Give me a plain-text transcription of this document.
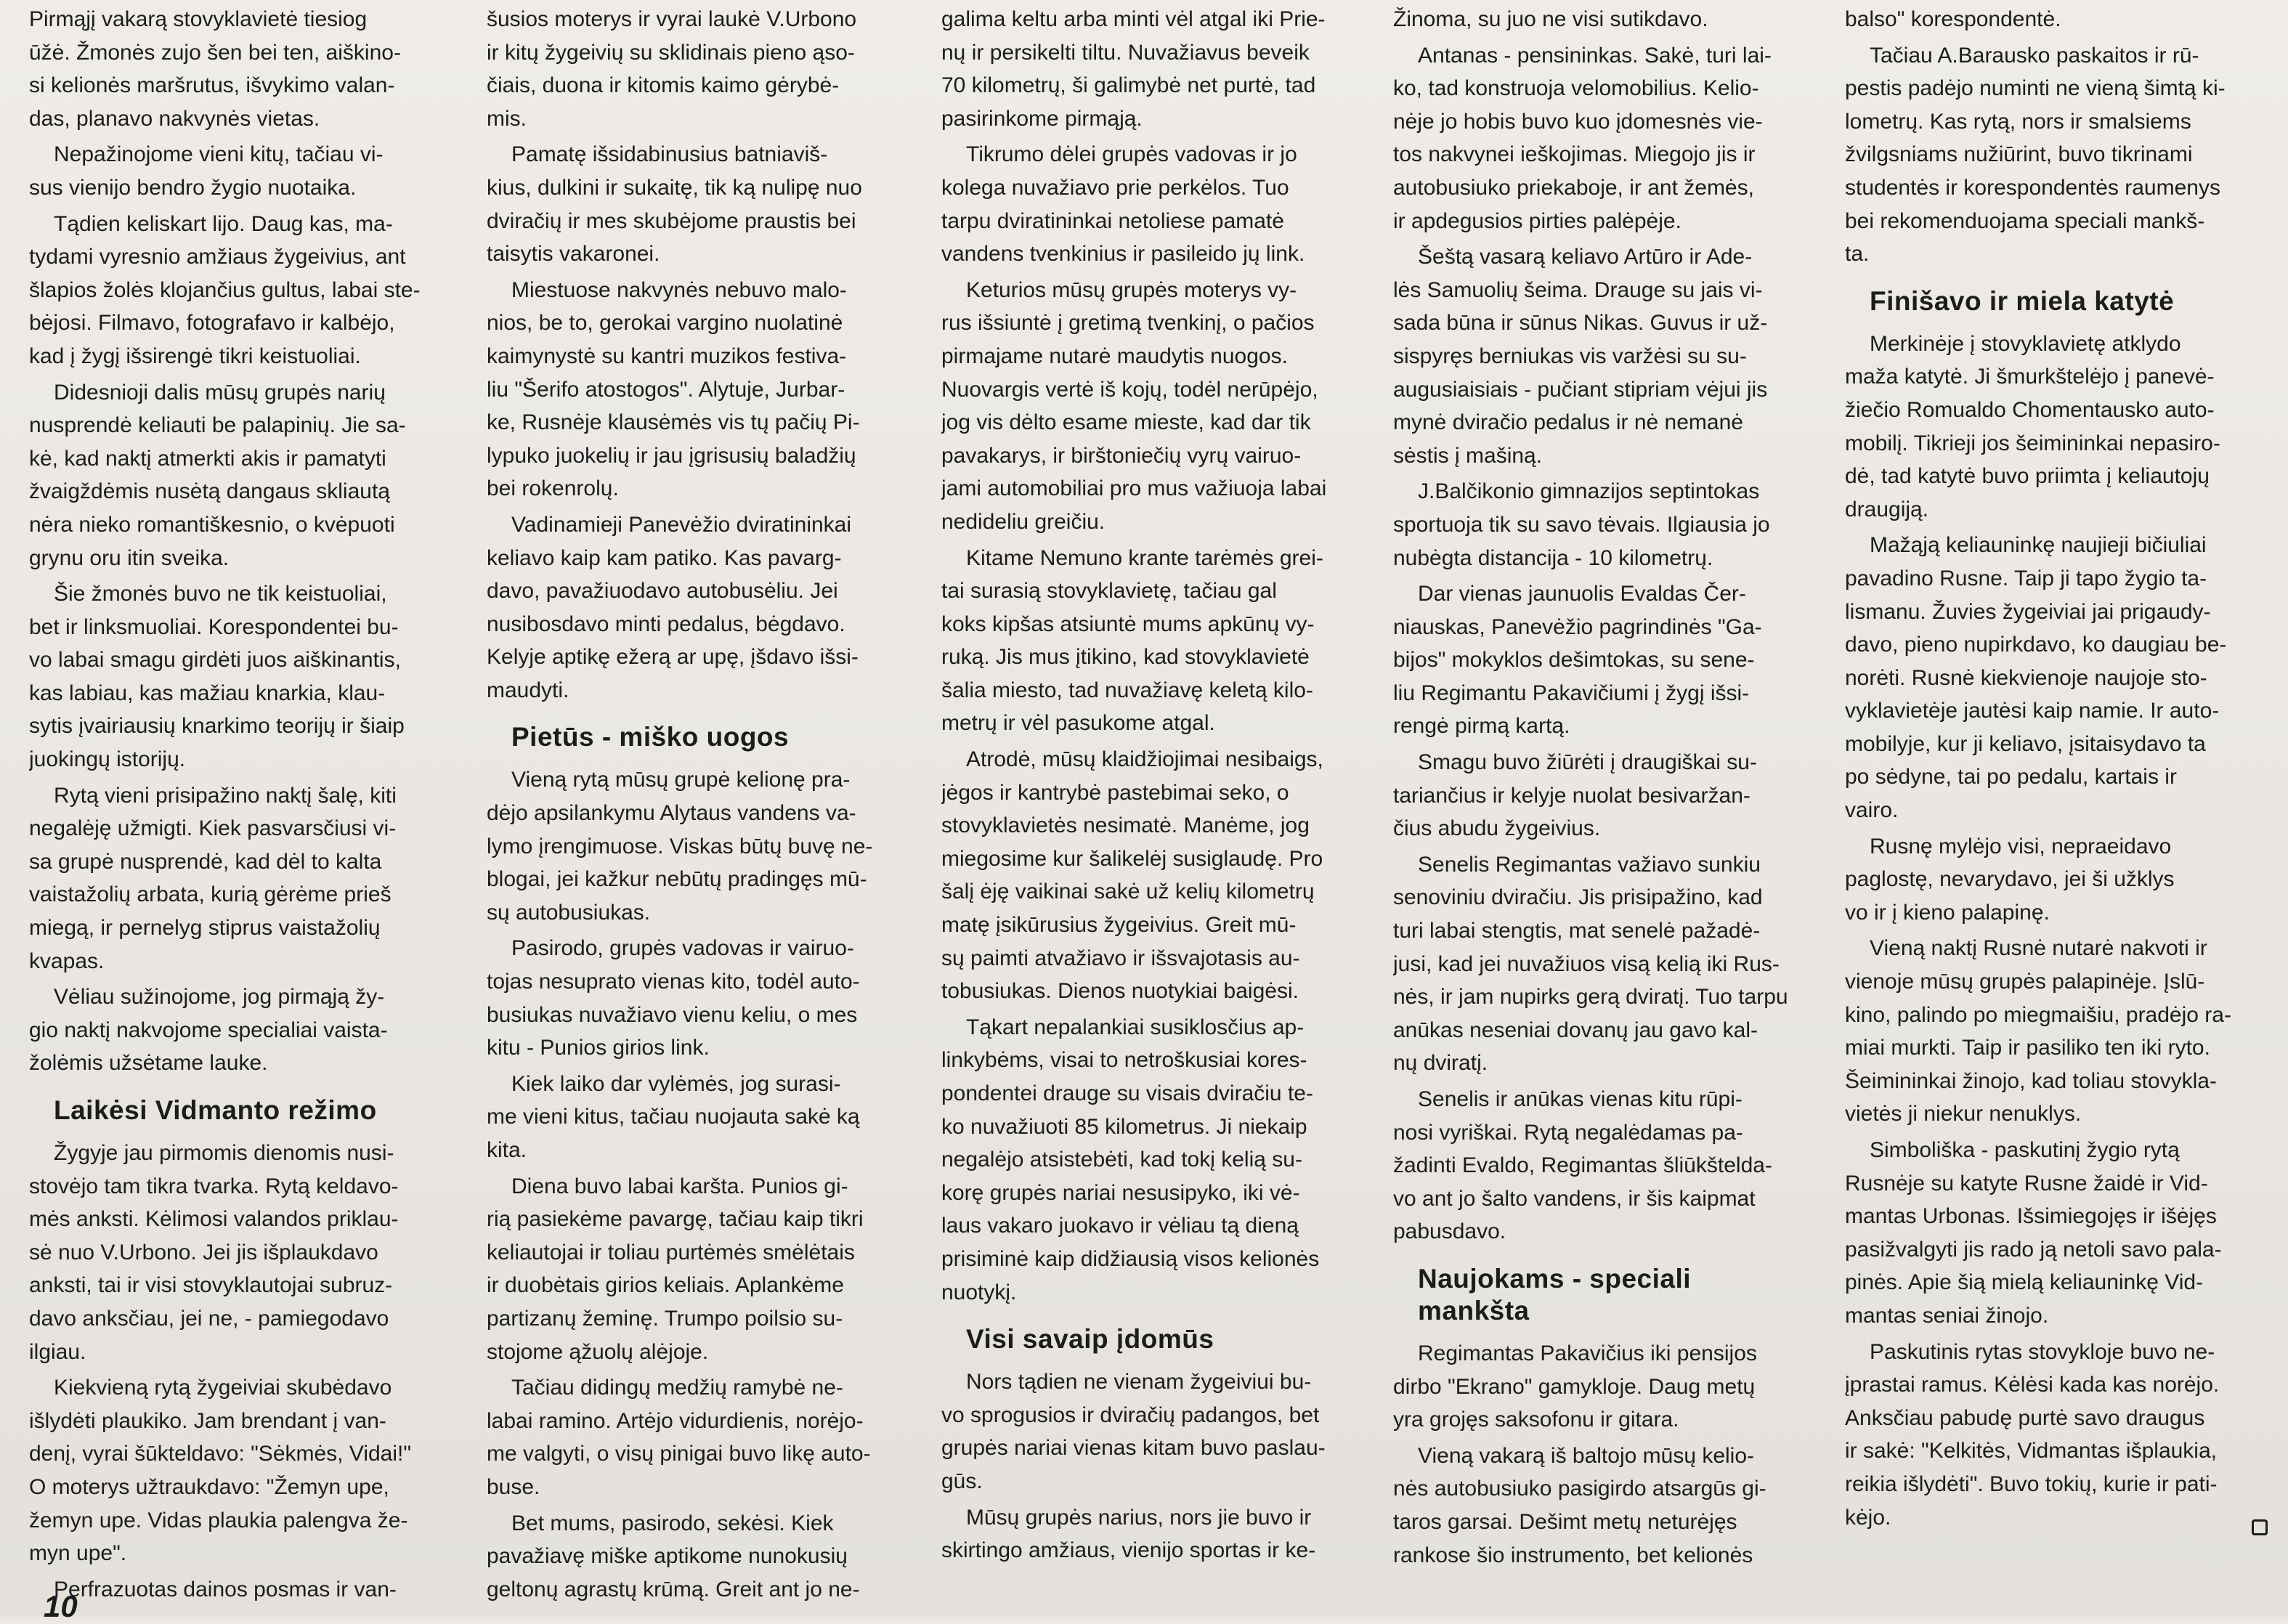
Pirmąjį vakarą stovyklavietė tiesiog
ūžė. Žmonės zujo šen bei ten, aiškino-
si kelionės maršrutus, išvykimo valan-
das, planavo nakvynės vietas.

Nepažinojome vieni kitų, tačiau vi-
sus vienijo bendro žygio nuotaika.

Tądien keliskart lijo. Daug kas, ma-
tydami vyresnio amžiaus žygeivius, ant
šlapios žolės klojančius gultus, labai ste-
bėjosi. Filmavo, fotografavo ir kalbėjo,
kad į žygį išsirengė tikri keistuoliai.

Didesnioji dalis mūsų grupės narių
nusprendė keliauti be palapinių. Jie sa-
kė, kad naktį atmerkti akis ir pamatyti
žvaigždėmis nusėtą dangaus skliautą
nėra nieko romantiškesnio, o kvėpuoti
grynu oru itin sveika.

Šie žmonės buvo ne tik keistuoliai,
bet ir linksmuoliai. Korespondentei bu-
vo labai smagu girdėti juos aiškinantis,
kas labiau, kas mažiau knarkia, klau-
sytis įvairiausių knarkimo teorijų ir šiaip
juokingų istorijų.

Rytą vieni prisipažino naktį šalę, kiti
negalėję užmigti. Kiek pasvarsčiusi vi-
sa grupė nusprendė, kad dėl to kalta
vaistažolių arbata, kurią gėrėme prieš
miegą, ir pernelyg stiprus vaistažolių
kvapas.

Vėliau sužinojome, jog pirmąją žy-
gio naktį nakvojome specialiai vaista-
žolėmis užsėtame lauke.

Laikėsi Vidmanto režimo

Žygyje jau pirmomis dienomis nusi-
stovėjo tam tikra tvarka. Rytą keldavo-
mės anksti. Kėlimosi valandos priklau-
sė nuo V.Urbono. Jei jis išplaukdavo
anksti, tai ir visi stovyklautojai subruz-
davo anksčiau, jei ne, - pamiegodavo
ilgiau.

Kiekvieną rytą žygeiviai skubėdavo
išlydėti plaukiko. Jam brendant į van-
denį, vyrai šūkteldavo: "Sėkmės, Vidai!"
O moterys užtraukdavo: "Žemyn upe,
žemyn upe. Vidas plaukia palengva že-
myn upe".

Perfrazuotas dainos posmas ir van-

šusios moterys ir vyrai laukė V.Urbono
ir kitų žygeivių su sklidinais pieno ąso-
čiais, duona ir kitomis kaimo gėrybė-
mis.

Pamatę išsidabinusius batniaviš-
kius, dulkini ir sukaitę, tik ką nulipę nuo
dviračių ir mes skubėjome praustis bei
taisytis vakaronei.

Miestuose nakvynės nebuvo malo-
nios, be to, gerokai vargino nuolatinė
kaimynystė su kantri muzikos festiva-
liu "Šerifo atostogos". Alytuje, Jurbar-
ke, Rusnėje klausėmės vis tų pačių Pi-
lypuko juokelių ir jau įgrisusių baladžių
bei rokenrolų.

Vadinamieji Panevėžio dviratininkai
keliavo kaip kam patiko. Kas pavarg-
davo, pavažiuodavo autobusėliu. Jei
nusibosdavo minti pedalus, bėgdavo.
Kelyje aptikę ežerą ar upę, įšdavo išsi-
maudyti.

Pietūs - miško uogos

Vieną rytą mūsų grupė kelionę pra-
dėjo apsilankymu Alytaus vandens va-
lymo įrengimuose. Viskas būtų buvę ne-
blogai, jei kažkur nebūtų pradingęs mū-
sų autobusiukas.

Pasirodo, grupės vadovas ir vairuo-
tojas nesuprato vienas kito, todėl auto-
busiukas nuvažiavo vienu keliu, o mes
kitu - Punios girios link.

Kiek laiko dar vylėmės, jog surasi-
me vieni kitus, tačiau nuojauta sakė ką
kita.

Diena buvo labai karšta. Punios gi-
rią pasiekėme pavargę, tačiau kaip tikri
keliautojai ir toliau purtėmės smėlėtais
ir duobėtais girios keliais. Aplankėme
partizanų žeminę. Trumpo poilsio su-
stojome ąžuolų alėjoje.

Tačiau didingų medžių ramybė ne-
labai ramino. Artėjo vidurdienis, norėjo-
me valgyti, o visų pinigai buvo likę auto-
buse.

Bet mums, pasirodo, sekėsi. Kiek
pavažiavę miške aptikome nunokusių
geltonų agrastų krūmą. Greit ant jo ne-

galima keltu arba minti vėl atgal iki Prie-
nų ir persikelti tiltu. Nuvažiavus beveik
70 kilometrų, ši galimybė net purtė, tad
pasirinkome pirmąją.

Tikrumo dėlei grupės vadovas ir jo
kolega nuvažiavo prie perkėlos. Tuo
tarpu dviratininkai netoliese pamatė
vandens tvenkinius ir pasileido jų link.

Keturios mūsų grupės moterys vy-
rus išsiuntė į gretimą tvenkinį, o pačios
pirmajame nutarė maudytis nuogos.
Nuovargis vertė iš kojų, todėl nerūpėjo,
jog vis dėlto esame mieste, kad dar tik
pavakarys, ir birštoniečių vyrų vairuo-
jami automobiliai pro mus važiuoja labai
nedideliu greičiu.

Kitame Nemuno krante tarėmės grei-
tai surasią stovyklavietę, tačiau gal
koks kipšas atsiuntė mums apkūnų vy-
ruką. Jis mus įtikino, kad stovyklavietė
šalia miesto, tad nuvažiavę keletą kilo-
metrų ir vėl pasukome atgal.

Atrodė, mūsų klaidžiojimai nesibaigs,
jėgos ir kantrybė pastebimai seko, o
stovyklavietės nesimatė. Manėme, jog
miegosime kur šalikelėj susiglaudę. Pro
šalį ėję vaikinai sakė už kelių kilometrų
matę įsikūrusius žygeivius. Greit mū-
sų paimti atvažiavo ir išsvajotasis au-
tobusiukas. Dienos nuotykiai baigėsi.

Tąkart nepalankiai susiklosčius ap-
linkybėms, visai to netroškusiai kores-
pondentei drauge su visais dviračiu te-
ko nuvažiuoti 85 kilometrus. Ji niekaip
negalėjo atsistebėti, kad tokį kelią su-
korę grupės nariai nesusipyko, iki vė-
laus vakaro juokavo ir vėliau tą dieną
prisiminė kaip didžiausią visos kelionės
nuotykį.

Visi savaip įdomūs

Nors tądien ne vienam žygeiviui bu-
vo sprogusios ir dviračių padangos, bet
grupės nariai vienas kitam buvo paslau-
gūs.

Mūsų grupės narius, nors jie buvo ir
skirtingo amžiaus, vienijo sportas ir ke-

Žinoma, su juo ne visi sutikdavo.

Antanas - pensininkas. Sakė, turi lai-
ko, tad konstruoja velomobilius. Kelio-
nėje jo hobis buvo kuo įdomesnės vie-
tos nakvynei ieškojimas. Miegojo jis ir
autobusiuko priekaboje, ir ant žemės,
ir apdegusios pirties palėpėje.

Šeštą vasarą keliavo Artūro ir Ade-
lės Samuolių šeima. Drauge su jais vi-
sada būna ir sūnus Nikas. Guvus ir už-
sispyręs berniukas vis varžėsi su su-
augusiaisiais - pučiant stipriam vėjui jis
mynė dviračio pedalus ir nė nemanė
sėstis į mašiną.

J.Balčikonio gimnazijos septintokas
sportuoja tik su savo tėvais. Ilgiausia jo
nubėgta distancija - 10 kilometrų.

Dar vienas jaunuolis Evaldas Čer-
niauskas, Panevėžio pagrindinės "Ga-
bijos" mokyklos dešimtokas, su sene-
liu Regimantu Pakavičiumi į žygį išsi-
rengė pirmą kartą.

Smagu buvo žiūrėti į draugiškai su-
tariančius ir kelyje nuolat besivaržan-
čius abudu žygeivius.

Senelis Regimantas važiavo sunkiu
senoviniu dviračiu. Jis prisipažino, kad
turi labai stengtis, mat senelė pažadė-
jusi, kad jei nuvažiuos visą kelią iki Rus-
nės, ir jam nupirks gerą dviratį. Tuo tarpu
anūkas neseniai dovanų jau gavo kal-
nų dviratį.

Senelis ir anūkas vienas kitu rūpi-
nosi vyriškai. Rytą negalėdamas pa-
žadinti Evaldo, Regimantas šliūkštelda-
vo ant jo šalto vandens, ir šis kaipmat
pabusdavo.

Naujokams - speciali
mankšta

Regimantas Pakavičius iki pensijos
dirbo "Ekrano" gamykloje. Daug metų
yra grojęs saksofonu ir gitara.

Vieną vakarą iš baltojo mūsų kelio-
nės autobusiuko pasigirdo atsargūs gi-
taros garsai. Dešimt metų neturėjęs
rankose šio instrumento, bet kelionės

balso" korespondentė.

Tačiau A.Barausko paskaitos ir rū-
pestis padėjo numinti ne vieną šimtą ki-
lometrų. Kas rytą, nors ir smalsiems
žvilgsniams nužiūrint, buvo tikrinami
studentės ir korespondentės raumenys
bei rekomenduojama speciali mankš-
ta.

Finišavo ir miela katytė

Merkinėje į stovyklavietę atklydo
maža katytė. Ji šmurkštelėjo į panevė-
žiečio Romualdo Chomentausko auto-
mobilį. Tikrieji jos šeimininkai nepasiro-
dė, tad katytė buvo priimta į keliautojų
draugiją.

Mažąją keliauninkę naujieji bičiuliai
pavadino Rusne. Taip ji tapo žygio ta-
lismanu. Žuvies žygeiviai jai prigaudy-
davo, pieno nupirkdavo, ko daugiau be-
norėti. Rusnė kiekvienoje naujoje sto-
vyklavietėje jautėsi kaip namie. Ir auto-
mobilyje, kur ji keliavo, įsitaisydavo ta
po sėdyne, tai po pedalu, kartais ir
vairo.

Rusnę mylėjo visi, nepraeidavo
paglostę, nevarydavo, jei ši užklys
vo ir į kieno palapinę.

Vieną naktį Rusnė nutarė nakvoti ir
vienoje mūsų grupės palapinėje. Įslū-
kino, palindo po miegmaišiu, pradėjo ra-
miai murkti. Taip ir pasiliko ten iki ryto.
Šeimininkai žinojo, kad toliau stovykla-
vietės ji niekur nenuklys.

Simboliška - paskutinį žygio rytą
Rusnėje su katyte Rusne žaidė ir Vid-
mantas Urbonas. Išsimiegojęs ir išėjęs
pasižvalgyti jis rado ją netoli savo pala-
pinės. Apie šią mielą keliauninkę Vid-
mantas seniai žinojo.

Paskutinis rytas stovykloje buvo ne-
įprastai ramus. Kėlėsi kada kas norėjo.
Anksčiau pabudę purtė savo draugus
ir sakė: "Kelkitės, Vidmantas išplaukia,
reikia išlydėti". Buvo tokių, kurie ir pati-
kėjo.

10
